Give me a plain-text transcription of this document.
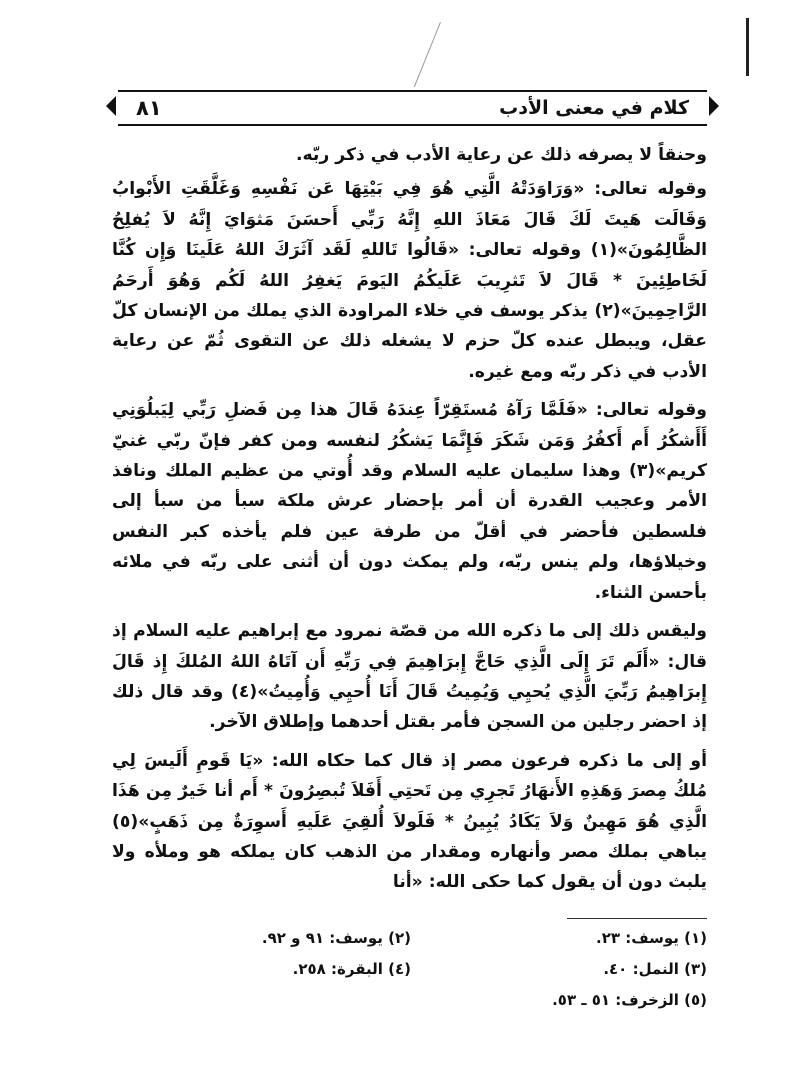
كلام في معنى الأدب
٨١

وحنقاً لا يصرفه ذلك عن رعاية الأدب في ذكر ربّه.

وقوله تعالى: «وَرَاوَدَتْهُ الَّتِي هُوَ فِي بَيْتِهَا عَن نَفْسِهِ وَغَلَّقَتِ الأَبْوابُ وَقَالَت هَيتَ لَكَ قَالَ مَعَاذَ اللهِ إِنَّهُ رَبِّي أَحسَنَ مَثوَايَ إِنَّهُ لاَ يُفلِحُ الظَّالِمُونَ»(١) وقوله تعالى: «قَالُوا تَاللهِ لَقَد آثَرَكَ اللهُ عَلَينَا وَإِن كُنَّا لَخَاطِئِينَ * قَالَ لاَ تَثرِيبَ عَلَيكُمُ اليَومَ يَغفِرُ اللهُ لَكُم وَهُوَ أَرحَمُ الرَّاحِمِينَ»(٢) يذكر يوسف في خلاء المراودة الذي يملك من الإنسان كلّ عقل، ويبطل عنده كلّ حزم لا يشغله ذلك عن التقوى ثُمّ عن رعاية الأدب في ذكر ربّه ومع غيره.

وقوله تعالى: «فَلَمَّا رَآهُ مُستَقِرّاً عِندَهُ قَالَ هذا مِن فَضلِ رَبِّي لِيَبلُوَنِي أَأَشكُرُ أَم أَكفُرُ وَمَن شَكَرَ فَإِنَّمَا يَشكُرُ لنفسه ومن كفر فإنّ ربّي غنيّ كريم»(٣) وهذا سليمان عليه السلام وقد أُوتي من عظيم الملك ونافذ الأمر وعجيب القدرة أن أمر بإحضار عرش ملكة سبأ من سبأ إلى فلسطين فأحضر في أقلّ من طرفة عين فلم يأخذه كبر النفس وخيلاؤها، ولم ينس ربّه، ولم يمكث دون أن أثنى على ربّه في ملائه بأحسن الثناء.

وليقس ذلك إلى ما ذكره الله من قصّة نمرود مع إبراهيم عليه السلام إذ قال: «أَلَم تَرَ إِلَى الَّذِي حَاجَّ إِبرَاهِيمَ فِي رَبِّهِ أَن آتَاهُ اللهُ المُلكَ إِذ قَالَ إِبرَاهِيمُ رَبِّيَ الَّذِي يُحيِي وَيُمِيتُ قَالَ أَنَا أُحيِي وَأُمِيتُ»(٤) وقد قال ذلك إذ احضر رجلين من السجن فأمر بقتل أحدهما وإطلاق الآخر.

أو إلى ما ذكره فرعون مصر إذ قال كما حكاه الله: «يَا قَومِ أَلَيسَ لِي مُلكُ مِصرَ وَهَذِهِ الأَنهَارُ تَجرِي مِن تَحتِي أَفَلاَ تُبصِرُونَ * أَم أنا خَيرٌ مِن هَذَا الَّذِي هُوَ مَهِينٌ وَلاَ يَكَادُ يُبِينُ * فَلَولاَ أُلقِيَ عَلَيهِ أَسوِرَةٌ مِن ذَهَبٍ»(٥) يباهي بملك مصر وأنهاره ومقدار من الذهب كان يملكه هو وملأه ولا يلبث دون أن يقول كما حكى الله: «أنا

(١) يوسف: ٢٣.
(٢) يوسف: ٩١ و ٩٢.
(٣) النمل: ٤٠.
(٤) البقرة: ٢٥٨.
(٥) الزخرف: ٥١ ـ ٥٣.
